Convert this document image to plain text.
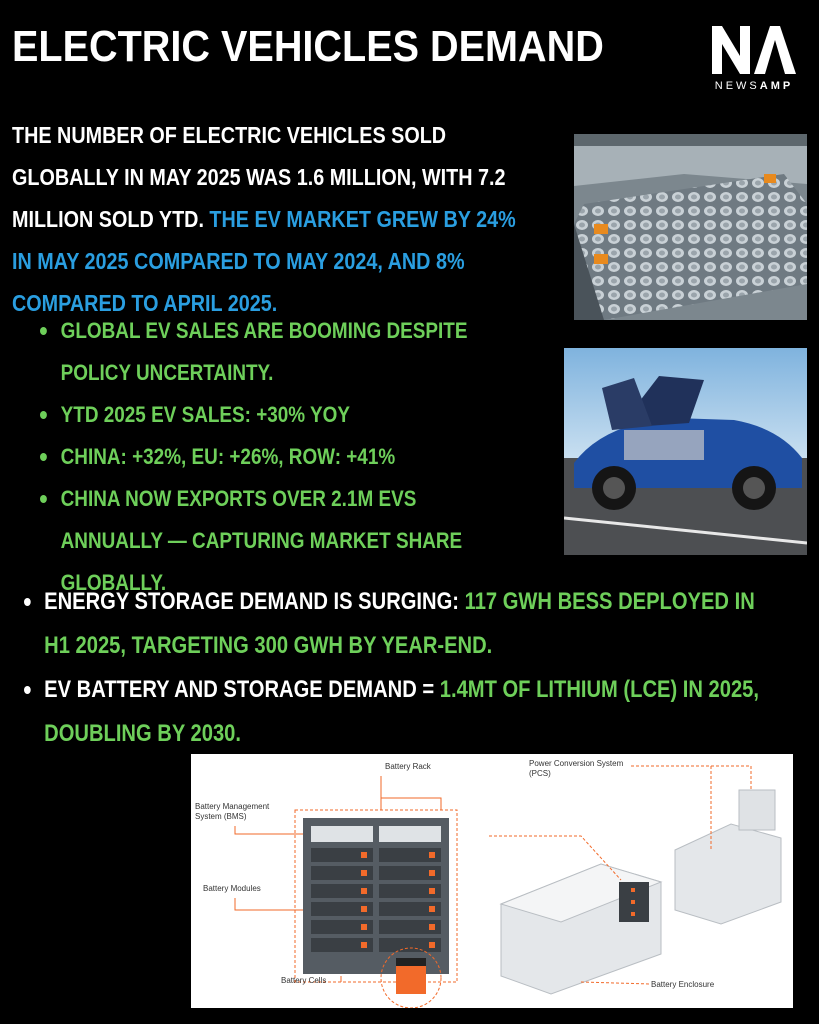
ELECTRIC VEHICLES DEMAND
NEWSAMP
THE NUMBER OF ELECTRIC VEHICLES SOLD GLOBALLY IN MAY 2025 WAS 1.6 MILLION, WITH 7.2 MILLION SOLD YTD. THE EV MARKET GREW BY 24% IN MAY 2025 COMPARED TO MAY 2024, AND 8% COMPARED TO APRIL 2025.
GLOBAL EV SALES ARE BOOMING DESPITE POLICY UNCERTAINTY.
YTD 2025 EV SALES: +30% YOY
CHINA: +32%, EU: +26%, ROW: +41%
CHINA NOW EXPORTS OVER 2.1M EVS ANNUALLY — CAPTURING MARKET SHARE GLOBALLY.
ENERGY STORAGE DEMAND IS SURGING: 117 GWH BESS DEPLOYED IN H1 2025, TARGETING 300 GWH BY YEAR-END.
EV BATTERY AND STORAGE DEMAND = 1.4MT OF LITHIUM (LCE) IN 2025, DOUBLING BY 2030.
Battery Rack	Power Conversion System (PCS)
Battery Management System (BMS)
Battery Modules
Battery Cells	Battery Enclosure
